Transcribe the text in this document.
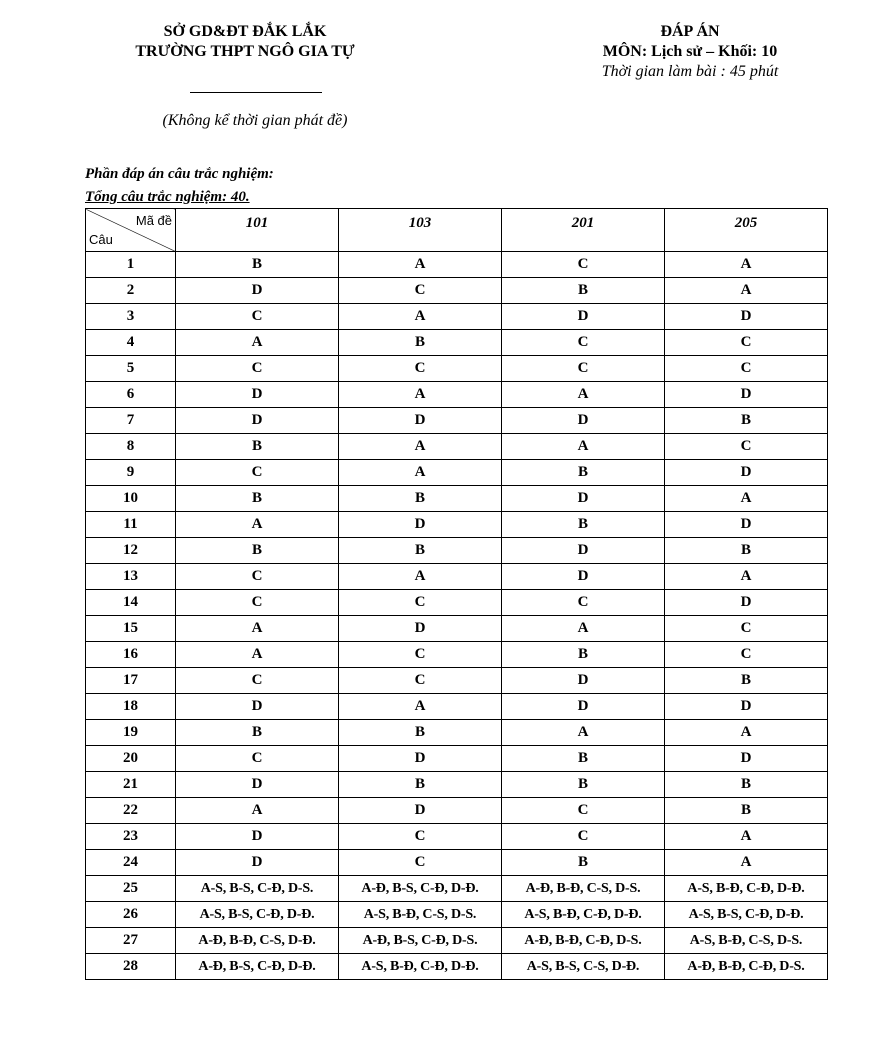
SỞ GD&ĐT ĐẮK LẮK
TRƯỜNG THPT NGÔ GIA TỰ
ĐÁP ÁN
MÔN: Lịch sử – Khối: 10
Thời gian làm bài : 45 phút
(Không kể thời gian phát đề)
Phần đáp án câu trắc nghiệm:
Tổng câu trắc nghiệm: 40.
Mã đề
Câu	101	103	201	205
1	B	A	C	A
2	D	C	B	A
3	C	A	D	D
4	A	B	C	C
5	C	C	C	C
6	D	A	A	D
7	D	D	D	B
8	B	A	A	C
9	C	A	B	D
10	B	B	D	A
11	A	D	B	D
12	B	B	D	B
13	C	A	D	A
14	C	C	C	D
15	A	D	A	C
16	A	C	B	C
17	C	C	D	B
18	D	A	D	D
19	B	B	A	A
20	C	D	B	D
21	D	B	B	B
22	A	D	C	B
23	D	C	C	A
24	D	C	B	A
25	A-S, B-S, C-Đ, D-S.	A-Đ, B-S, C-Đ, D-Đ.	A-Đ, B-Đ, C-S, D-S.	A-S, B-Đ, C-Đ, D-Đ.
26	A-S, B-S, C-Đ, D-Đ.	A-S, B-Đ, C-S, D-S.	A-S, B-Đ, C-Đ, D-Đ.	A-S, B-S, C-Đ, D-Đ.
27	A-Đ, B-Đ, C-S, D-Đ.	A-Đ, B-S, C-Đ, D-S.	A-Đ, B-Đ, C-Đ, D-S.	A-S, B-Đ, C-S, D-S.
28	A-Đ, B-S, C-Đ, D-Đ.	A-S, B-Đ, C-Đ, D-Đ.	A-S, B-S, C-S, D-Đ.	A-Đ, B-Đ, C-Đ, D-S.
